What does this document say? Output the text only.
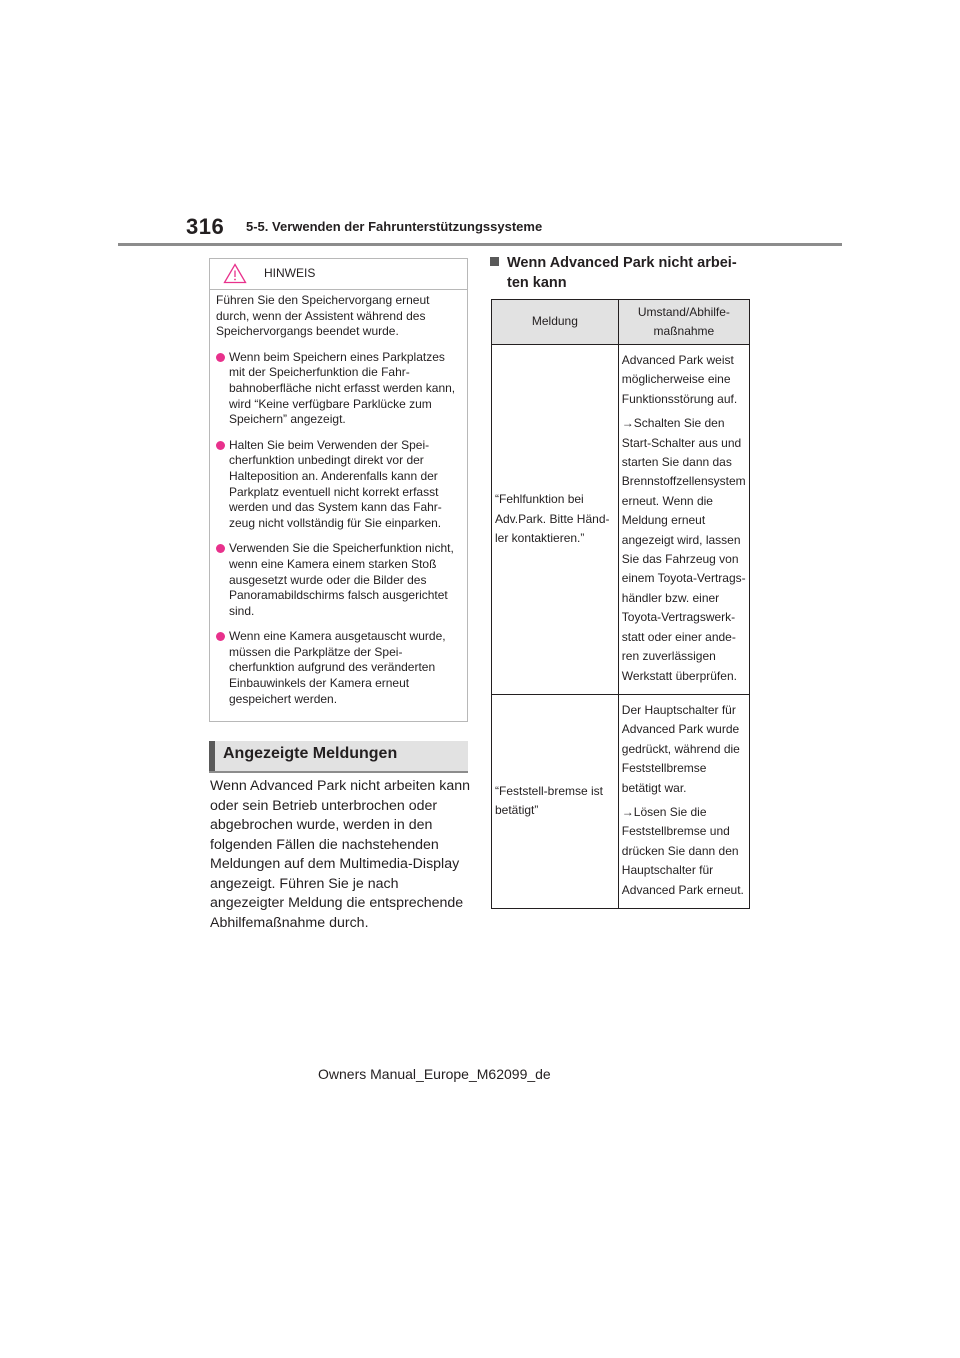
316 5-5. Verwenden der Fahrunterstützungssysteme
HINWEIS

Führen Sie den Speichervorgang erneut durch, wenn der Assistent während des Speichervorgangs beendet wurde.

Wenn beim Speichern eines Parkplatzes mit der Speicherfunktion die Fahrbahnoberfläche nicht erfasst werden kann, wird “Keine verfügbare Parklücke zum Speichern” angezeigt.
Halten Sie beim Verwenden der Speicherfunktion unbedingt direkt vor der Halteposition an. Anderenfalls kann der Parkplatz eventuell nicht korrekt erfasst werden und das System kann das Fahrzeug nicht vollständig für Sie einparken.
Verwenden Sie die Speicherfunktion nicht, wenn eine Kamera einem starken Stoß ausgesetzt wurde oder die Bilder des Panoramabildschirms falsch ausgerichtet sind.
Wenn eine Kamera ausgetauscht wurde, müssen die Parkplätze der Speicherfunktion aufgrund des veränderten Einbauwinkels der Kamera erneut gespeichert werden.
Angezeigte Meldungen
Wenn Advanced Park nicht arbeiten kann oder sein Betrieb unterbrochen oder abgebrochen wurde, werden in den folgenden Fällen die nachstehenden Meldungen auf dem Multimedia-Display angezeigt. Führen Sie je nach angezeigter Meldung die entsprechende Abhilfemaßnahme durch.
Wenn Advanced Park nicht arbei-
ten kann
Meldung	Umstand/Abhilfemaßnahme
“Fehlfunktion bei Adv.Park. Bitte Händler kontaktieren.”	Advanced Park weist möglicherweise eine Funktionsstörung auf.

→Schalten Sie den Start-Schalter aus und starten Sie dann das Brennstoffzellensystem erneut. Wenn die Meldung erneut angezeigt wird, lassen Sie das Fahrzeug von einem Toyota-Vertragshändler bzw. einer Toyota-Vertragswerkstatt oder einer anderen zuverlässigen Werkstatt überprüfen.

“Feststell-bremse ist betätigt”	Der Hauptschalter für Advanced Park wurde gedrückt, während die Feststellbremse betätigt war.

→Lösen Sie die Feststellbremse und drücken Sie dann den Hauptschalter für Advanced Park erneut.

Owners Manual_Europe_M62099_de
